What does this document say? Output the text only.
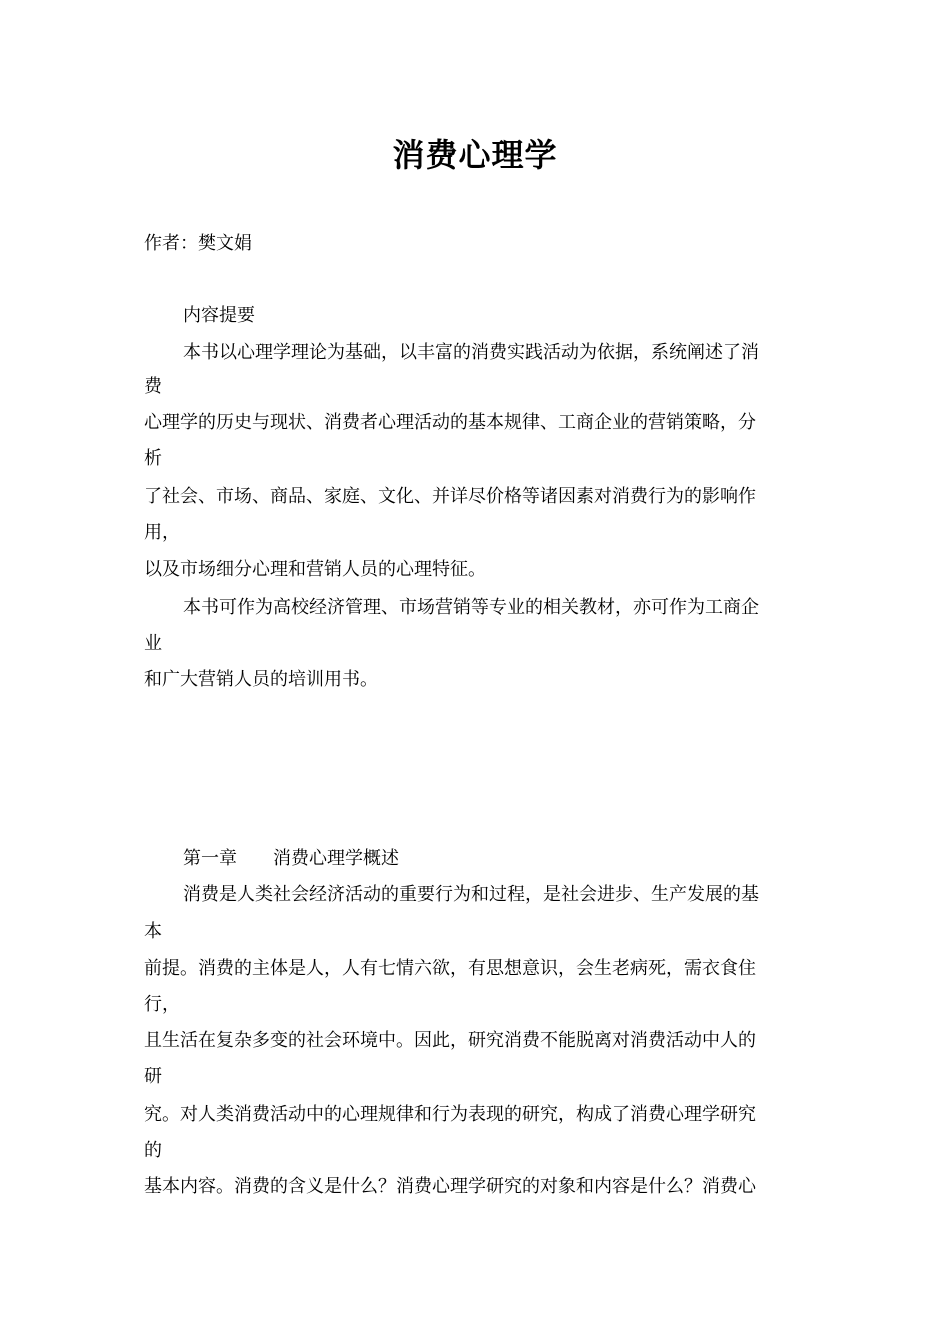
消费心理学
作者：樊文娟
内容提要
本书以心理学理论为基础，以丰富的消费实践活动为依据，系统阐述了消
费
心理学的历史与现状、消费者心理活动的基本规律、工商企业的营销策略，分
析
了社会、市场、商品、家庭、文化、并详尽价格等诸因素对消费行为的影响作
用，
以及市场细分心理和营销人员的心理特征。
本书可作为高校经济管理、市场营销等专业的相关教材，亦可作为工商企
业
和广大营销人员的培训用书。
第一章　　消费心理学概述
消费是人类社会经济活动的重要行为和过程，是社会进步、生产发展的基
本
前提。消费的主体是人，人有七情六欲，有思想意识，会生老病死，需衣食住
行，
且生活在复杂多变的社会环境中。因此，研究消费不能脱离对消费活动中人的
研
究。对人类消费活动中的心理规律和行为表现的研究，构成了消费心理学研究
的
基本内容。消费的含义是什么？消费心理学研究的对象和内容是什么？消费心
